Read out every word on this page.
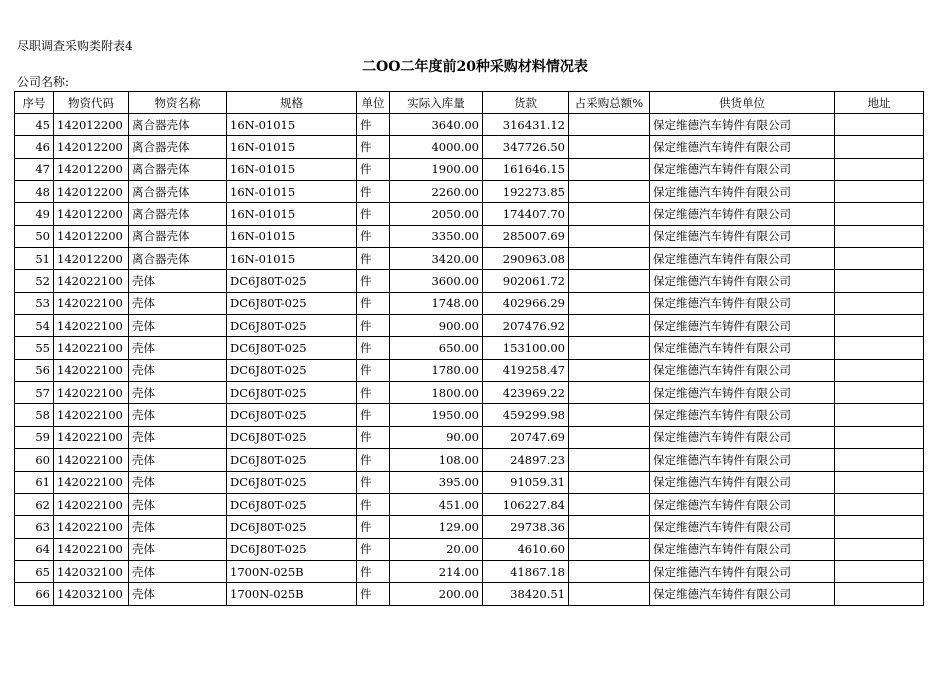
尽职调查采购类附表4
二OO二年度前20种采购材料情况表
公司名称:
序号	物资代码	物资名称	规格	单位	实际入库量	货款	占采购总额%	供货单位	地址
45	142012200	离合器壳体	16N-01015	件	3640.00	316431.12		保定维德汽车铸件有限公司	
46	142012200	离合器壳体	16N-01015	件	4000.00	347726.50		保定维德汽车铸件有限公司	
47	142012200	离合器壳体	16N-01015	件	1900.00	161646.15		保定维德汽车铸件有限公司	
48	142012200	离合器壳体	16N-01015	件	2260.00	192273.85		保定维德汽车铸件有限公司	
49	142012200	离合器壳体	16N-01015	件	2050.00	174407.70		保定维德汽车铸件有限公司	
50	142012200	离合器壳体	16N-01015	件	3350.00	285007.69		保定维德汽车铸件有限公司	
51	142012200	离合器壳体	16N-01015	件	3420.00	290963.08		保定维德汽车铸件有限公司	
52	142022100	壳体	DC6J80T-025	件	3600.00	902061.72		保定维德汽车铸件有限公司	
53	142022100	壳体	DC6J80T-025	件	1748.00	402966.29		保定维德汽车铸件有限公司	
54	142022100	壳体	DC6J80T-025	件	900.00	207476.92		保定维德汽车铸件有限公司	
55	142022100	壳体	DC6J80T-025	件	650.00	153100.00		保定维德汽车铸件有限公司	
56	142022100	壳体	DC6J80T-025	件	1780.00	419258.47		保定维德汽车铸件有限公司	
57	142022100	壳体	DC6J80T-025	件	1800.00	423969.22		保定维德汽车铸件有限公司	
58	142022100	壳体	DC6J80T-025	件	1950.00	459299.98		保定维德汽车铸件有限公司	
59	142022100	壳体	DC6J80T-025	件	90.00	20747.69		保定维德汽车铸件有限公司	
60	142022100	壳体	DC6J80T-025	件	108.00	24897.23		保定维德汽车铸件有限公司	
61	142022100	壳体	DC6J80T-025	件	395.00	91059.31		保定维德汽车铸件有限公司	
62	142022100	壳体	DC6J80T-025	件	451.00	106227.84		保定维德汽车铸件有限公司	
63	142022100	壳体	DC6J80T-025	件	129.00	29738.36		保定维德汽车铸件有限公司	
64	142022100	壳体	DC6J80T-025	件	20.00	4610.60		保定维德汽车铸件有限公司	
65	142032100	壳体	1700N-025B	件	214.00	41867.18		保定维德汽车铸件有限公司	
66	142032100	壳体	1700N-025B	件	200.00	38420.51		保定维德汽车铸件有限公司	
